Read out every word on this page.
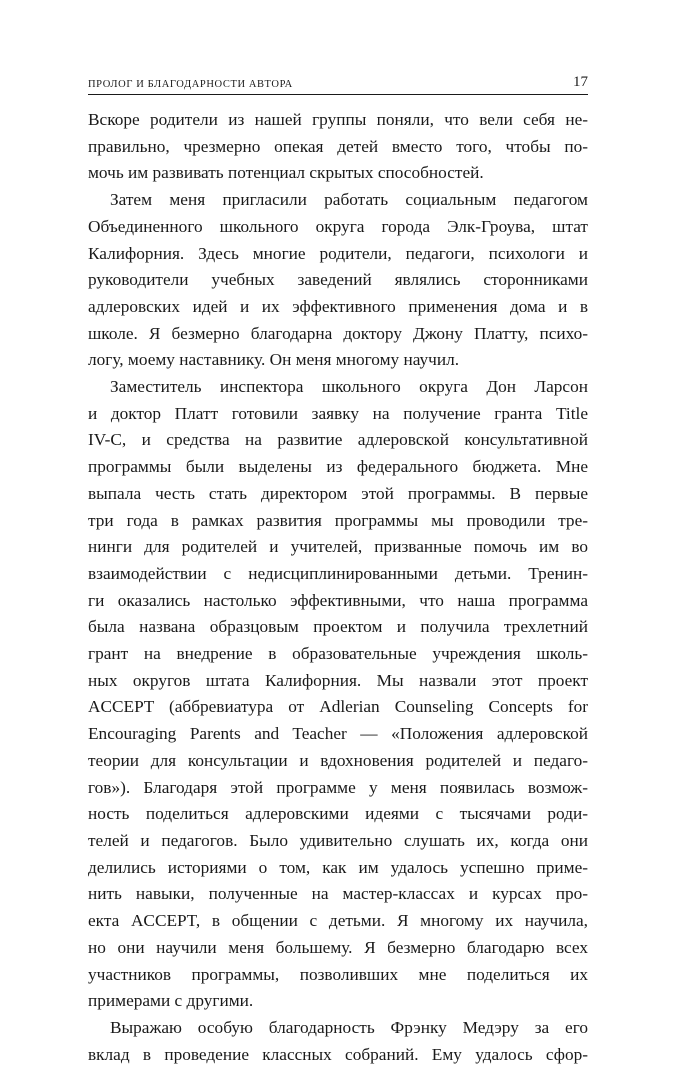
ПРОЛОГ И БЛАГОДАРНОСТИ АВТОРА	17
Вскоре родители из нашей группы поняли, что вели себя не-
правильно, чрезмерно опекая детей вместо того, чтобы по-
мочь им развивать потенциал скрытых способностей.
Затем меня пригласили работать социальным педагогом
Объединенного школьного округа города Элк-Гроува, штат
Калифорния. Здесь многие родители, педагоги, психологи и
руководители учебных заведений являлись сторонниками
адлеровских идей и их эффективного применения дома и в
школе. Я безмерно благодарна доктору Джону Платту, психо-
логу, моему наставнику. Он меня многому научил.
Заместитель инспектора школьного округа Дон Ларсон
и доктор Платт готовили заявку на получение гранта Title
IV-C, и средства на развитие адлеровской консультативной
программы были выделены из федерального бюджета. Мне
выпала честь стать директором этой программы. В первые
три года в рамках развития программы мы проводили тре-
нинги для родителей и учителей, призванные помочь им во
взаимодействии с недисциплинированными детьми. Тренин-
ги оказались настолько эффективными, что наша программа
была названа образцовым проектом и получила трехлетний
грант на внедрение в образовательные учреждения школь-
ных округов штата Калифорния. Мы назвали этот проект
ACCEPT (аббревиатура от Adlerian Counseling Concepts for
Encouraging Parents and Teacher — «Положения адлеровской
теории для консультации и вдохновения родителей и педаго-
гов»). Благодаря этой программе у меня появилась возмож-
ность поделиться адлеровскими идеями с тысячами роди-
телей и педагогов. Было удивительно слушать их, когда они
делились историями о том, как им удалось успешно приме-
нить навыки, полученные на мастер-классах и курсах про-
екта ACCEPT, в общении с детьми. Я многому их научила,
но они научили меня большему. Я безмерно благодарю всех
участников программы, позволивших мне поделиться их
примерами с другими.
Выражаю особую благодарность Фрэнку Медэру за его
вклад в проведение классных собраний. Ему удалось сфор-
